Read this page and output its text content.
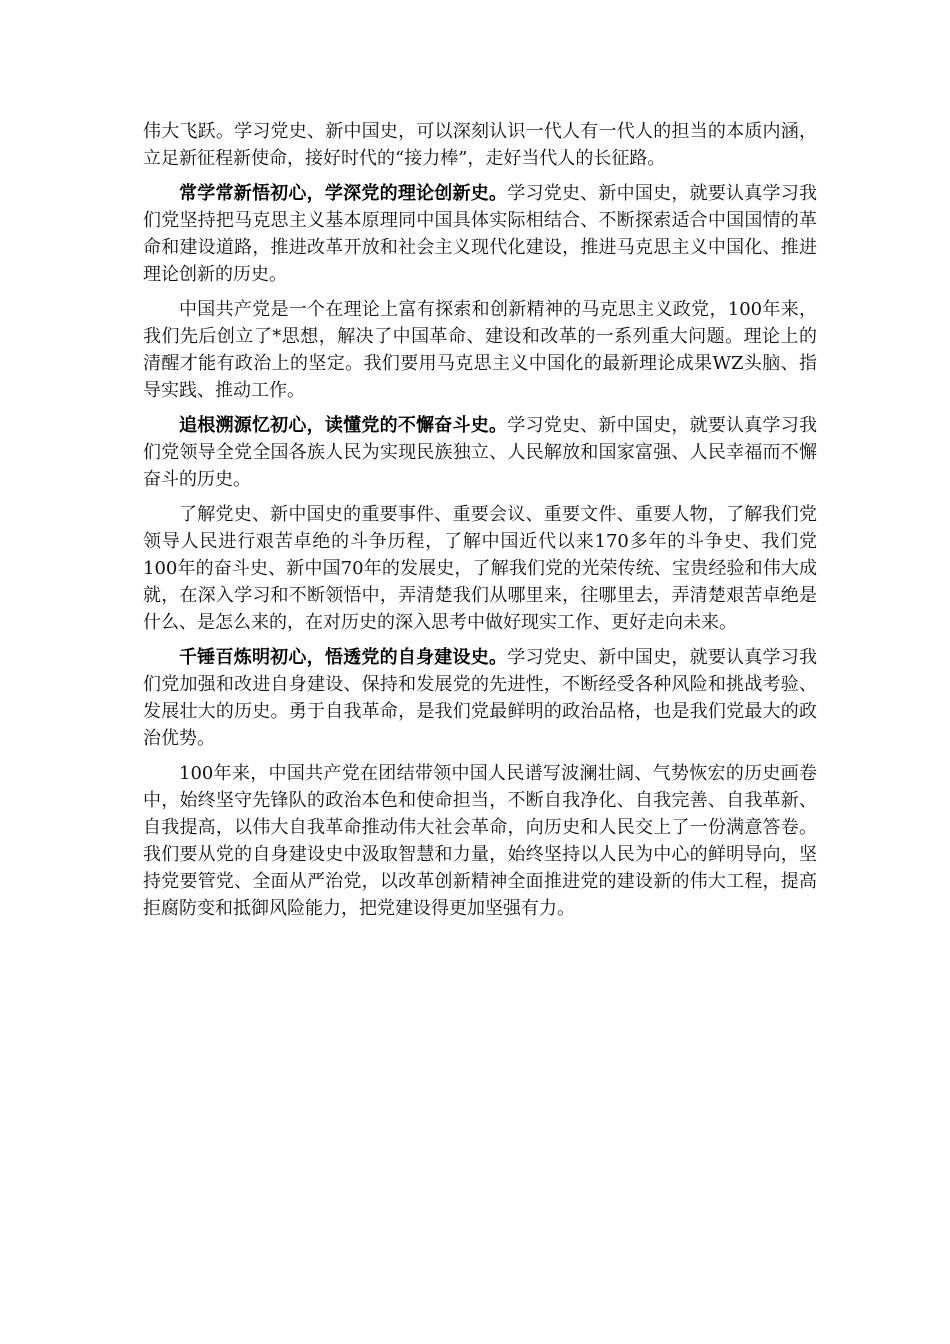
伟大飞跃。学习党史、新中国史，可以深刻认识一代人有一代人的担当的本质内涵，立足新征程新使命，接好时代的“接力棒”，走好当代人的长征路。

常学常新悟初心，学深党的理论创新史。学习党史、新中国史，就要认真学习我们党坚持把马克思主义基本原理同中国具体实际相结合、不断探索适合中国国情的革命和建设道路，推进改革开放和社会主义现代化建设，推进马克思主义中国化、推进理论创新的历史。

中国共产党是一个在理论上富有探索和创新精神的马克思主义政党，100年来，我们先后创立了*思想，解决了中国革命、建设和改革的一系列重大问题。理论上的清醒才能有政治上的坚定。我们要用马克思主义中国化的最新理论成果WZ头脑、指导实践、推动工作。

追根溯源忆初心，读懂党的不懈奋斗史。学习党史、新中国史，就要认真学习我们党领导全党全国各族人民为实现民族独立、人民解放和国家富强、人民幸福而不懈奋斗的历史。

了解党史、新中国史的重要事件、重要会议、重要文件、重要人物，了解我们党领导人民进行艰苦卓绝的斗争历程，了解中国近代以来170多年的斗争史、我们党100年的奋斗史、新中国70年的发展史，了解我们党的光荣传统、宝贵经验和伟大成就，在深入学习和不断领悟中，弄清楚我们从哪里来，往哪里去，弄清楚艰苦卓绝是什么、是怎么来的，在对历史的深入思考中做好现实工作、更好走向未来。

千锤百炼明初心，悟透党的自身建设史。学习党史、新中国史，就要认真学习我们党加强和改进自身建设、保持和发展党的先进性，不断经受各种风险和挑战考验、发展壮大的历史。勇于自我革命，是我们党最鲜明的政治品格，也是我们党最大的政治优势。

100年来，中国共产党在团结带领中国人民谱写波澜壮阔、气势恢宏的历史画卷中，始终坚守先锋队的政治本色和使命担当，不断自我净化、自我完善、自我革新、自我提高，以伟大自我革命推动伟大社会革命，向历史和人民交上了一份满意答卷。我们要从党的自身建设史中汲取智慧和力量，始终坚持以人民为中心的鲜明导向，坚持党要管党、全面从严治党，以改革创新精神全面推进党的建设新的伟大工程，提高拒腐防变和抵御风险能力，把党建设得更加坚强有力。
